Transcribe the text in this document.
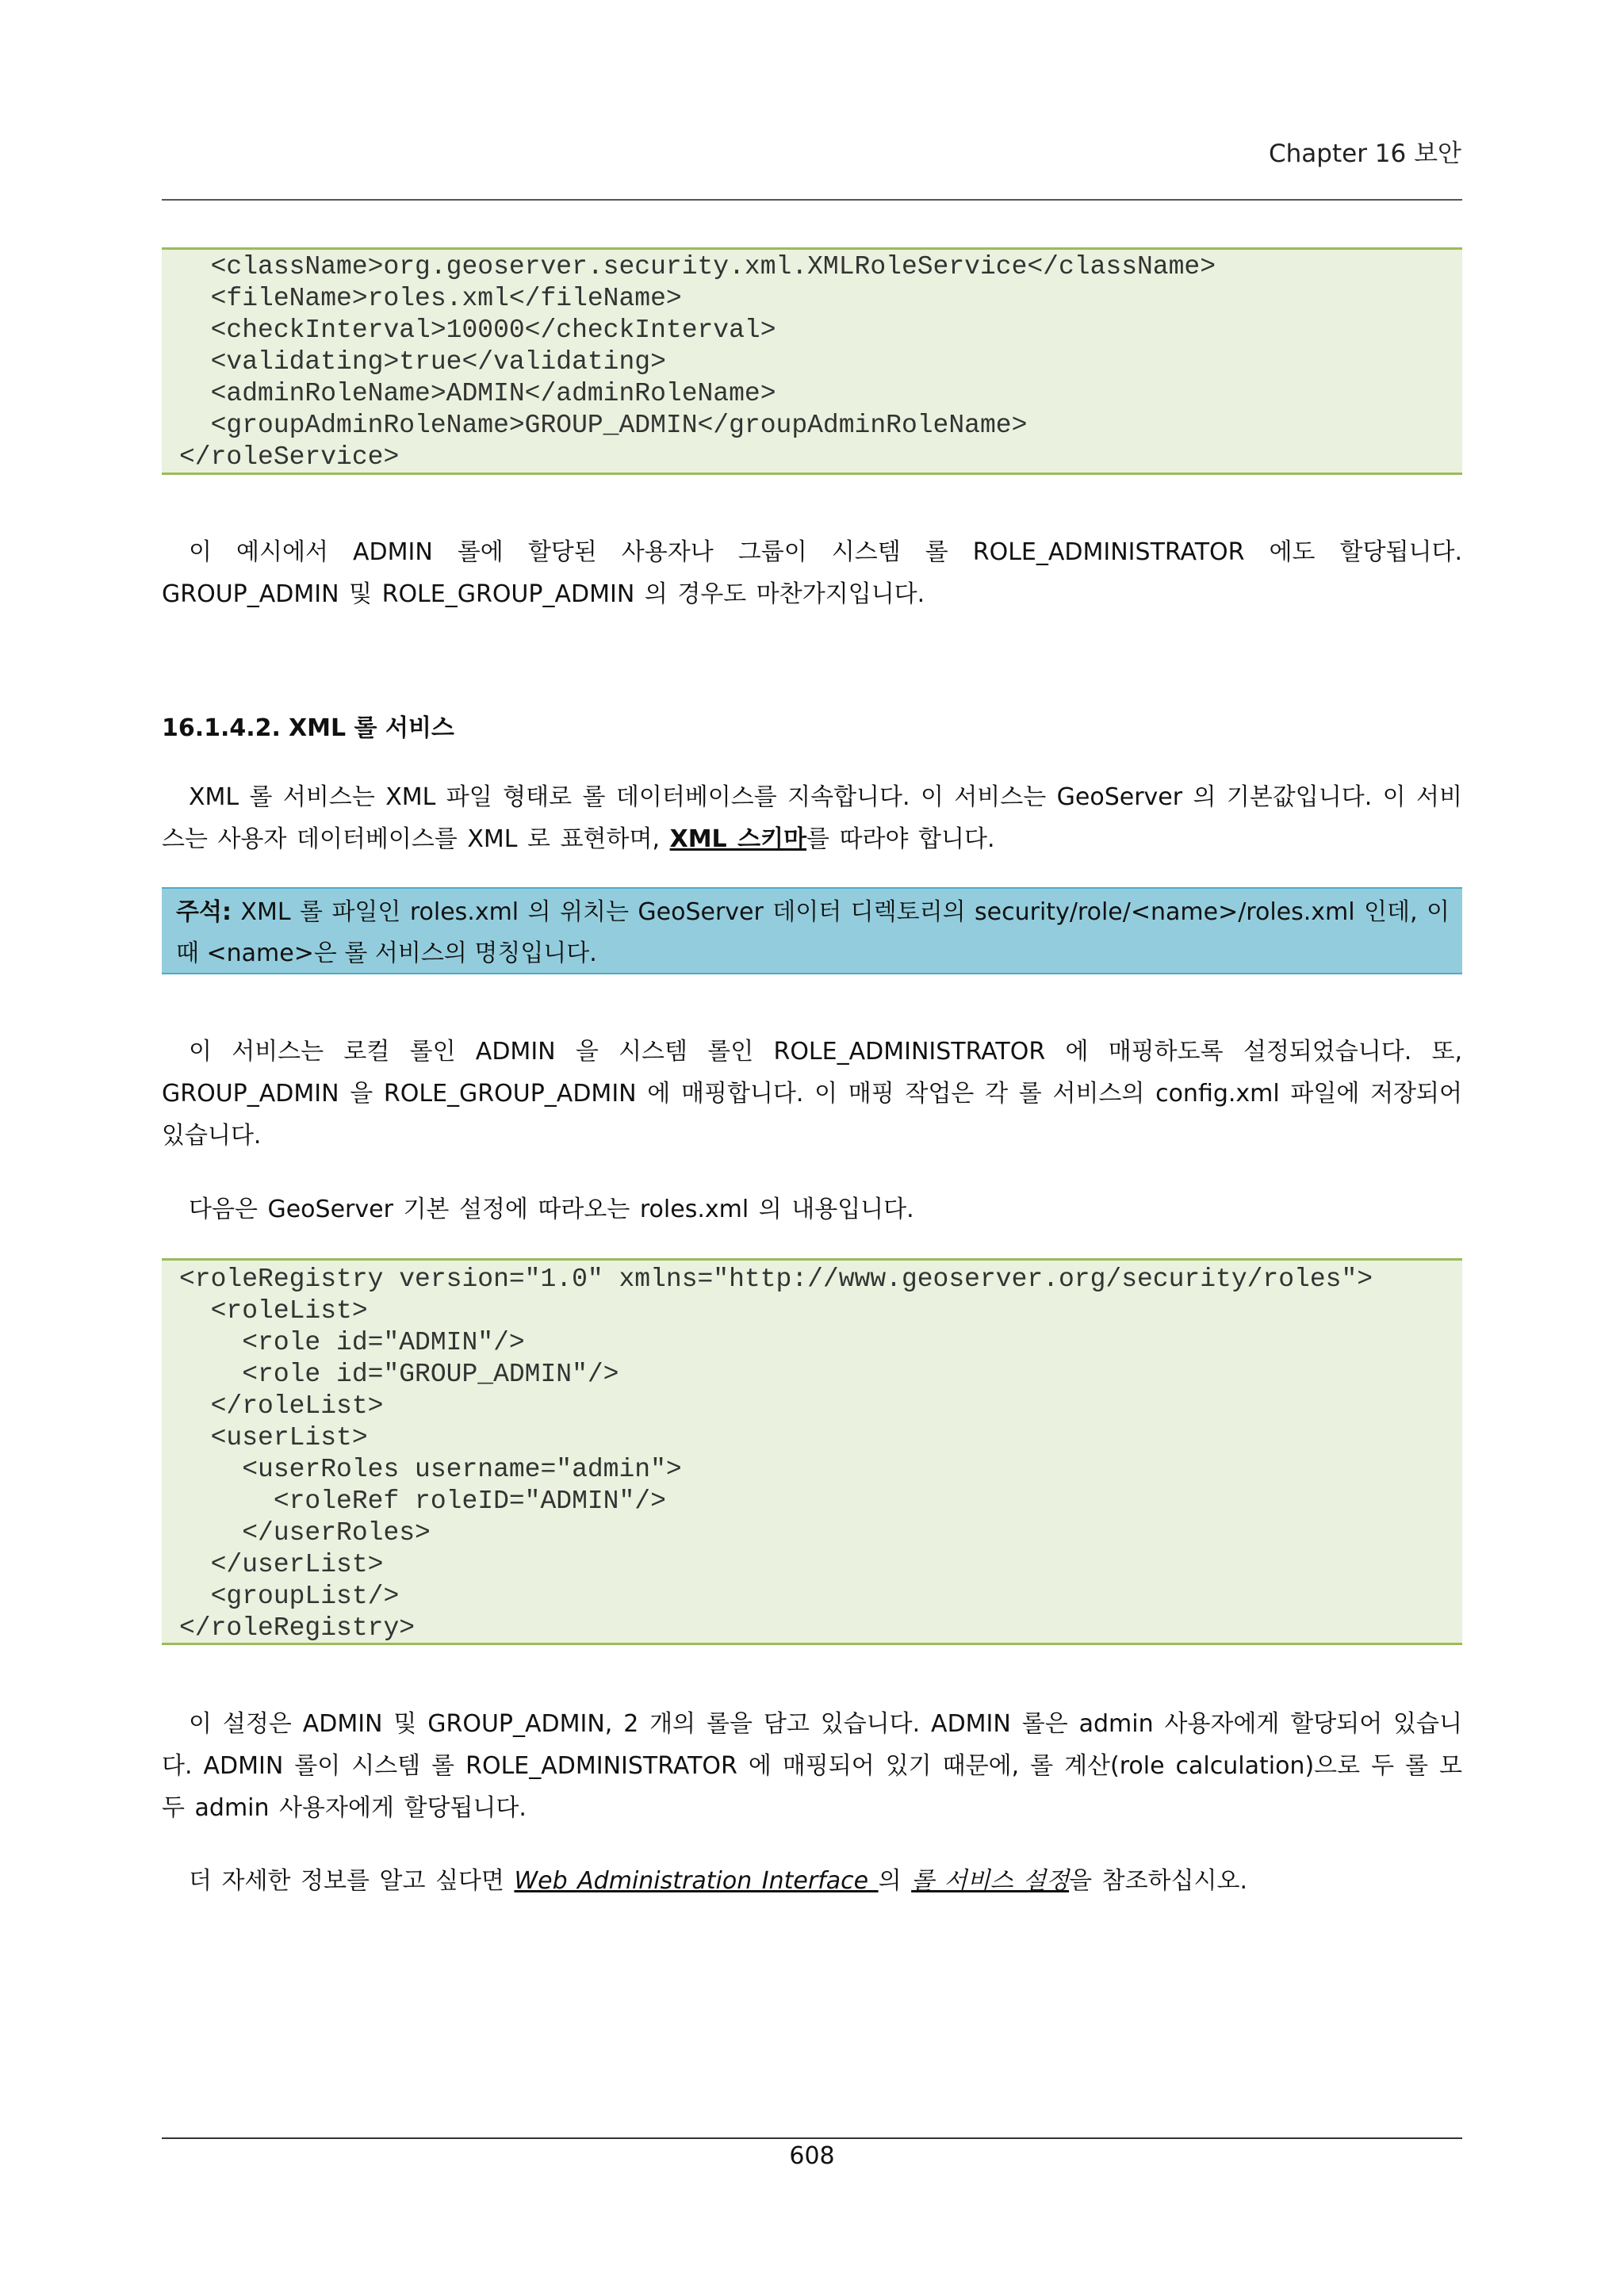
Chapter 16 보안
<className>org.geoserver.security.xml.XMLRoleService</className>
<fileName>roles.xml</fileName>
<checkInterval>10000</checkInterval>
<validating>true</validating>
<adminRoleName>ADMIN</adminRoleName>
<groupAdminRoleName>GROUP_ADMIN</groupAdminRoleName>
</roleService>

이 예시에서 ADMIN 롤에 할당된 사용자나 그룹이 시스템 롤 ROLE_ADMINISTRATOR 에도 할당됩니다. GROUP_ADMIN 및 ROLE_GROUP_ADMIN 의 경우도 마찬가지입니다.

16.1.4.2. XML 롤 서비스

XML 롤 서비스는 XML 파일 형태로 롤 데이터베이스를 지속합니다. 이 서비스는 GeoServer 의 기본값입니다. 이 서비스는 사용자 데이터베이스를 XML 로 표현하며, XML 스키마를 따라야 합니다.

주석: XML 롤 파일인 roles.xml 의 위치는 GeoServer 데이터 디렉토리의 security/role/<name>/roles.xml 인데, 이때 <name>은 롤 서비스의 명칭입니다.

이 서비스는 로컬 롤인 ADMIN 을 시스템 롤인 ROLE_ADMINISTRATOR 에 매핑하도록 설정되었습니다. 또, GROUP_ADMIN 을 ROLE_GROUP_ADMIN 에 매핑합니다. 이 매핑 작업은 각 롤 서비스의 config.xml 파일에 저장되어 있습니다.

다음은 GeoServer 기본 설정에 따라오는 roles.xml 의 내용입니다.

<roleRegistry version="1.0" xmlns="http://www.geoserver.org/security/roles">
<roleList>
<role id="ADMIN"/>
<role id="GROUP_ADMIN"/>
</roleList>
<userList>
<userRoles username="admin">
<roleRef roleID="ADMIN"/>
</userRoles>
</userList>
<groupList/>
</roleRegistry>

이 설정은 ADMIN 및 GROUP_ADMIN, 2 개의 롤을 담고 있습니다. ADMIN 롤은 admin 사용자에게 할당되어 있습니다. ADMIN 롤이 시스템 롤 ROLE_ADMINISTRATOR 에 매핑되어 있기 때문에, 롤 계산(role calculation)으로 두 롤 모두 admin 사용자에게 할당됩니다.

더 자세한 정보를 알고 싶다면 Web Administration Interface 의 롤 서비스 설정을 참조하십시오.

608
